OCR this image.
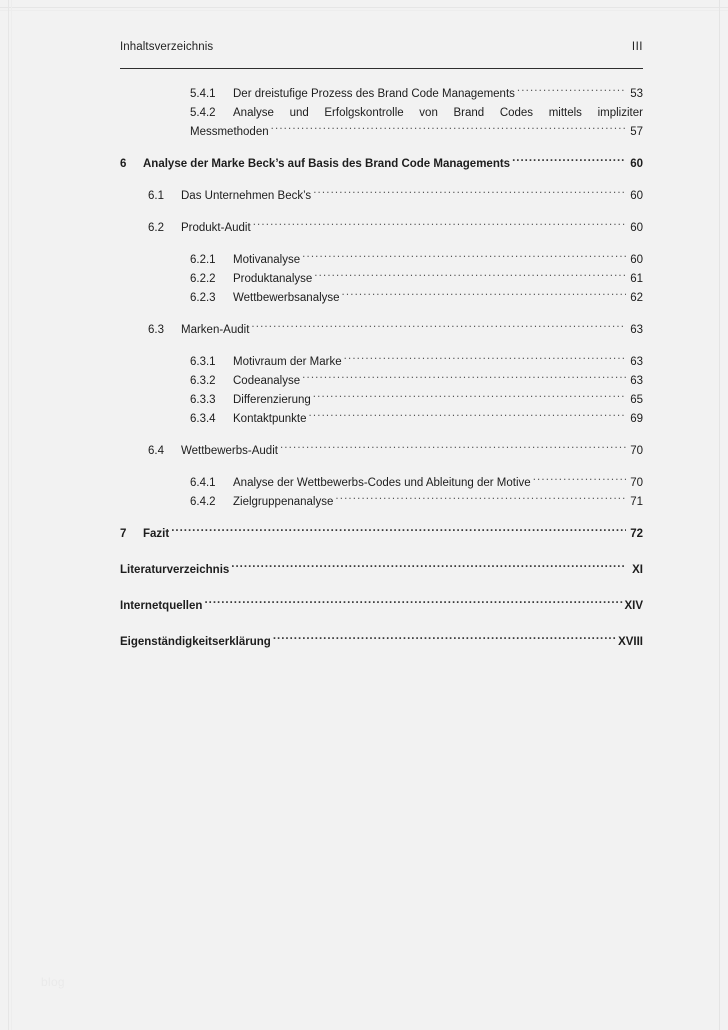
Inhaltsverzeichnis	III
5.4.1	Der dreistufige Prozess des Brand Code Managements .....	53
5.4.2	Analyse und Erfolgskontrolle von Brand Codes mittels impliziter
Messmethoden .....	57
6	Analyse der Marke Beck’s auf Basis des Brand Code Managements .....	60
6.1	Das Unternehmen Beck’s .....	60
6.2	Produkt-Audit .....	60
6.2.1	Motivanalyse .....	60
6.2.2	Produktanalyse .....	61
6.2.3	Wettbewerbsanalyse .....	62
6.3	Marken-Audit .....	63
6.3.1	Motivraum der Marke .....	63
6.3.2	Codeanalyse .....	63
6.3.3	Differenzierung .....	65
6.3.4	Kontaktpunkte .....	69
6.4	Wettbewerbs-Audit .....	70
6.4.1	Analyse der Wettbewerbs-Codes und Ableitung der Motive .....	70
6.4.2	Zielgruppenanalyse .....	71
7	Fazit .....	72
Literaturverzeichnis .....	XI
Internetquellen .....	XIV
Eigenständigkeitserklärung .....	XVIII
blog
